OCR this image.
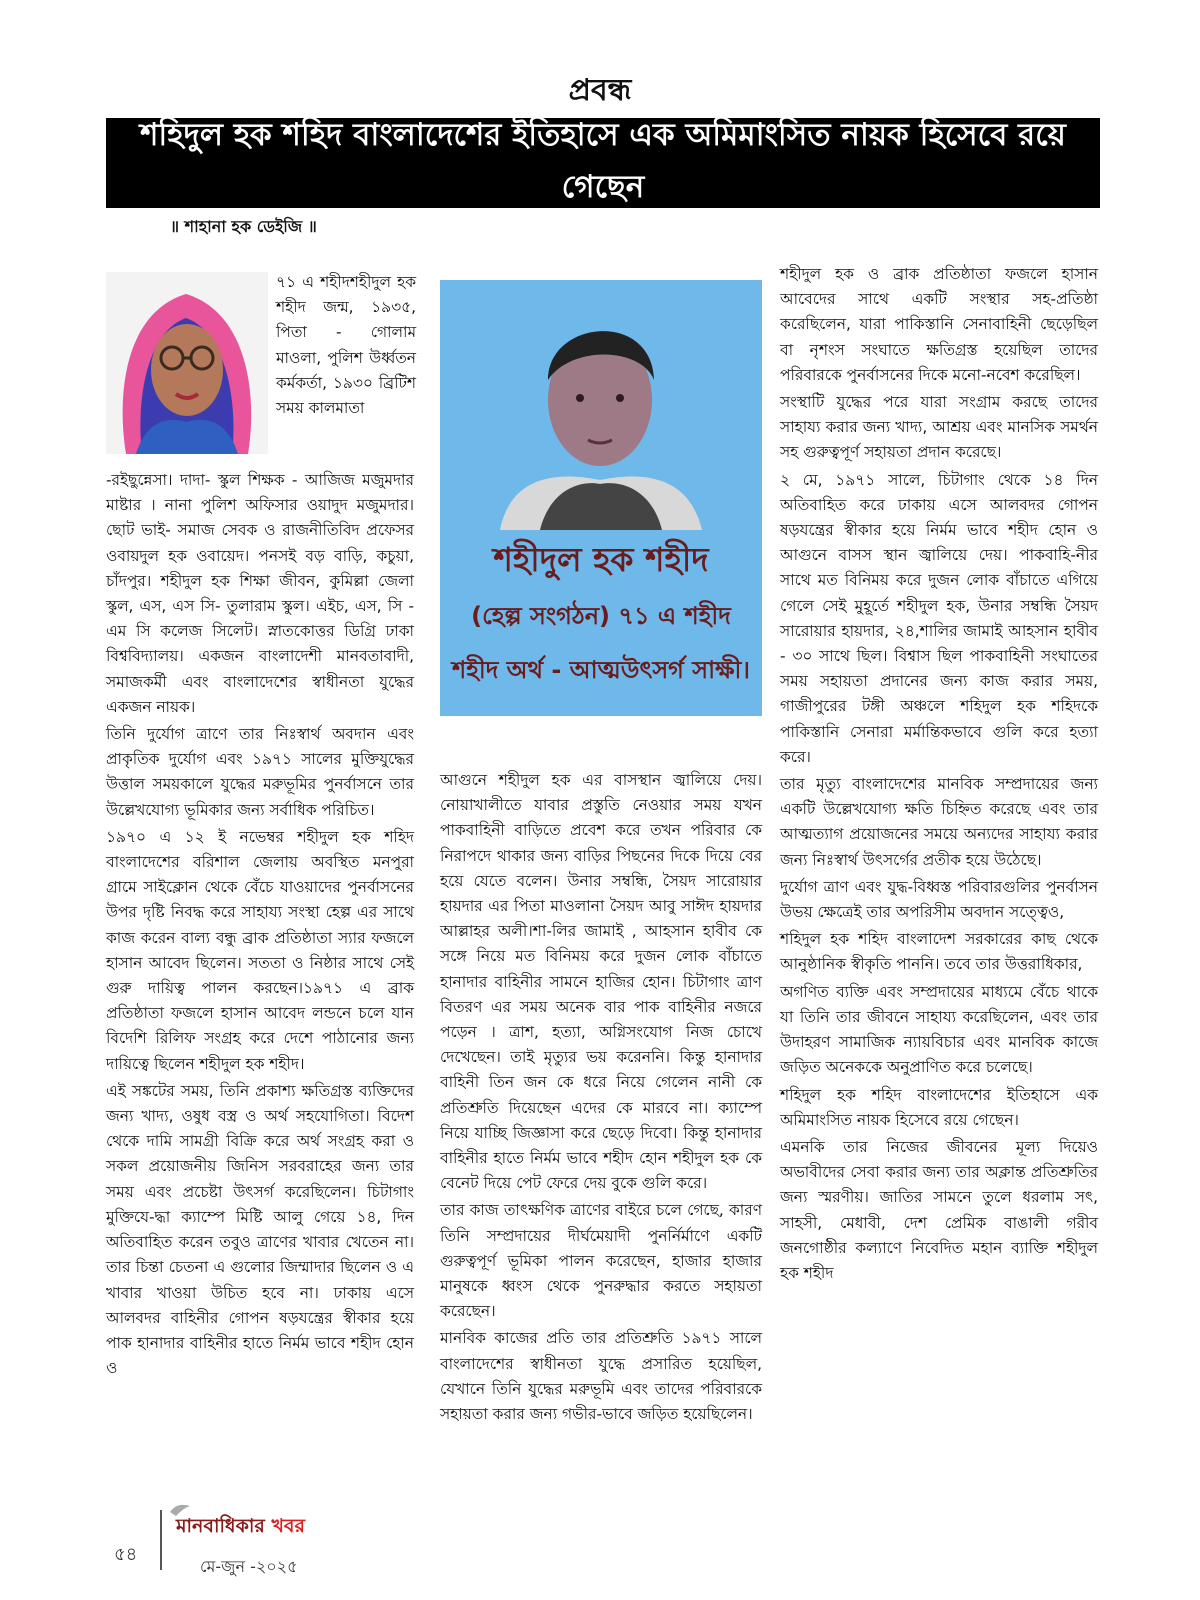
প্রবন্ধ
শহিদুল হক শহিদ বাংলাদেশের ইতিহাসে এক অমিমাংসিত নায়ক হিসেবে রয়ে গেছেন
॥ শাহানা হক ডেইজি ॥
৭১ এ শহীদশহীদুল হক শহীদ জন্ম, ১৯৩৫, পিতা - গোলাম মাওলা, পুলিশ উর্ধ্বতন কর্মকর্তা, ১৯৩০ ব্রিটিশ সময় কালমাতা

-রইছুন্নেসা। দাদা- স্কুল শিক্ষক - আজিজ মজুমদার মাষ্টার । নানা পুলিশ অফিসার ওয়াদুদ মজুমদার। ছোট ভাই- সমাজ সেবক ও রাজনীতিবিদ প্রফেসর ওবায়দুল হক ওবায়েদ। পনসই বড় বাড়ি, কচুয়া, চাঁদপুর। শহীদুল হক শিক্ষা জীবন, কুমিল্লা জেলা স্কুল, এস, এস সি- তুলারাম স্কুল। এইচ, এস, সি - এম সি কলেজ সিলেট। স্নাতকোত্তর ডিগ্রি ঢাকা বিশ্ববিদ্যালয়। একজন বাংলাদেশী মানবতাবাদী, সমাজকর্মী এবং বাংলাদেশের স্বাধীনতা যুদ্ধের একজন নায়ক।

তিনি দুর্যোগ ত্রাণে তার নিঃস্বার্থ অবদান এবং প্রাকৃতিক দুর্যোগ এবং ১৯৭১ সালের মুক্তিযুদ্ধের উত্তাল সময়কালে যুদ্ধের মরুভূমির পুনর্বাসনে তার উল্লেখযোগ্য ভূমিকার জন্য সর্বাধিক পরিচিত।

১৯৭০ এ ১২ ই নভেম্বর শহীদুল হক শহিদ বাংলাদেশের বরিশাল জেলায় অবস্থিত মনপুরা গ্রামে সাইক্লোন থেকে বেঁচে যাওয়াদের পুনর্বাসনের উপর দৃষ্টি নিবদ্ধ করে সাহায্য সংস্থা হেল্প এর সাথে কাজ করেন বাল্য বন্ধু ব্রাক প্রতিষ্ঠাতা স্যার ফজলে হাসান আবেদ ছিলেন। সততা ও নিষ্ঠার সাথে সেই গুরু দায়িত্ব পালন করছেন।১৯৭১ এ ব্রাক প্রতিষ্ঠাতা ফজলে হাসান আবেদ লন্ডনে চলে যান বিদেশি রিলিফ সংগ্রহ করে দেশে পাঠানোর জন্য দায়িত্বে ছিলেন শহীদুল হক শহীদ।

এই সঙ্কটের সময়, তিনি প্রকাশ্য ক্ষতিগ্রস্ত ব্যক্তিদের জন্য খাদ্য, ওষুধ বস্ত্র ও অর্থ সহযোগিতা। বিদেশ থেকে দামি সামগ্রী বিক্রি করে অর্থ সংগ্রহ করা ও সকল প্রয়োজনীয় জিনিস সরবরাহের জন্য তার সময় এবং প্রচেষ্টা উৎসর্গ করেছিলেন। চিটাগাং মুক্তিযে-দ্ধা ক্যাম্পে মিষ্টি আলু গেয়ে ১৪, দিন অতিবাহিত করেন তবুও ত্রাণের খাবার খেতেন না। তার চিন্তা চেতনা এ গুলোর জিম্মাদার ছিলেন ও এ খাবার খাওয়া উচিত হবে না। ঢাকায় এসে আলবদর বাহিনীর গোপন ষড়যন্ত্রের স্বীকার হয়ে পাক হানাদার বাহিনীর হাতে নির্মম ভাবে শহীদ হোন ও

শহীদুল হক শহীদ
(হেল্প সংগঠন) ৭১ এ শহীদ
শহীদ অর্থ - আত্মউৎসর্গ সাক্ষী।

আগুনে শহীদুল হক এর বাসস্থান জ্বালিয়ে দেয়। নোয়াখালীতে যাবার প্রস্তুতি নেওয়ার সময় যখন পাকবাহিনী বাড়িতে প্রবেশ করে তখন পরিবার কে নিরাপদে থাকার জন্য বাড়ির পিছনের দিকে দিয়ে বের হয়ে যেতে বলেন। উনার সম্বন্ধি, সৈয়দ সারোয়ার হায়দার এর পিতা মাওলানা সৈয়দ আবু সাঈদ হায়দার আল্লাহর অলী।শা-লির জামাই , আহসান হাবীব কে সঙ্গে নিয়ে মত বিনিময় করে দুজন লোক বাঁচাতে হানাদার বাহিনীর সামনে হাজির হোন। চিটাগাং ত্রাণ বিতরণ এর সময় অনেক বার পাক বাহিনীর নজরে পড়েন । ত্রাশ, হত্যা, অগ্নিসংযোগ নিজ চোখে দেখেছেন। তাই মৃত্যুর ভয় করেননি। কিন্তু হানাদার বাহিনী তিন জন কে ধরে নিয়ে গেলেন নানী কে প্রতিশ্রুতি দিয়েছেন এদের কে মারবে না। ক্যাম্পে নিয়ে যাচ্ছি জিজ্ঞাসা করে ছেড়ে দিবো। কিন্তু হানাদার বাহিনীর হাতে নির্মম ভাবে শহীদ হোন শহীদুল হক কে বেনেট দিয়ে পেট ফেরে দেয় বুকে গুলি করে।

তার কাজ তাৎক্ষণিক ত্রাণের বাইরে চলে গেছে, কারণ তিনি সম্প্রদায়ের দীর্ঘমেয়াদী পুনর্নির্মাণে একটি গুরুত্বপূর্ণ ভূমিকা পালন করেছেন, হাজার হাজার মানুষকে ধ্বংস থেকে পুনরুদ্ধার করতে সহায়তা করেছেন।

মানবিক কাজের প্রতি তার প্রতিশ্রুতি ১৯৭১ সালে বাংলাদেশের স্বাধীনতা যুদ্ধে প্রসারিত হয়েছিল, যেখানে তিনি যুদ্ধের মরুভূমি এবং তাদের পরিবারকে সহায়তা করার জন্য গভীর-ভাবে জড়িত হয়েছিলেন।

শহীদুল হক ও ব্রাক প্রতিষ্ঠাতা ফজলে হাসান আবেদের সাথে একটি সংস্থার সহ-প্রতিষ্ঠা করেছিলেন, যারা পাকিস্তানি সেনাবাহিনী ছেড়েছিল বা নৃশংস সংঘাতে ক্ষতিগ্রস্ত হয়েছিল তাদের পরিবারকে পুনর্বাসনের দিকে মনো-নবেশ করেছিল।

সংস্থাটি যুদ্ধের পরে যারা সংগ্রাম করছে তাদের সাহায্য করার জন্য খাদ্য, আশ্রয় এবং মানসিক সমর্থন সহ গুরুত্বপূর্ণ সহায়তা প্রদান করেছে।

২ মে, ১৯৭১ সালে, চিটাগাং থেকে ১৪ দিন অতিবাহিত করে ঢাকায় এসে আলবদর গোপন ষড়যন্ত্রের স্বীকার হয়ে নির্মম ভাবে শহীদ হোন ও আগুনে বাসস স্থান জ্বালিয়ে দেয়। পাকবাহি-নীর সাথে মত বিনিময় করে দুজন লোক বাঁচাতে এগিয়ে গেলে সেই মুহূর্তে শহীদুল হক, উনার সম্বন্ধি সৈয়দ সারোয়ার হায়দার, ২৪,শালির জামাই আহসান হাবীব - ৩০ সাথে ছিল। বিশ্বাস ছিল পাকবাহিনী সংঘাতের সময় সহায়তা প্রদানের জন্য কাজ করার সময়, গাজীপুরের টঙ্গী অঞ্চলে শহিদুল হক শহিদকে পাকিস্তানি সেনারা মর্মান্তিকভাবে গুলি করে হত্যা করে।

তার মৃত্যু বাংলাদেশের মানবিক সম্প্রদায়ের জন্য একটি উল্লেখযোগ্য ক্ষতি চিহ্নিত করেছে এবং তার আত্মত্যাগ প্রয়োজনের সময়ে অন্যদের সাহায্য করার জন্য নিঃস্বার্থ উৎসর্গের প্রতীক হয়ে উঠেছে।

দুর্যোগ ত্রাণ এবং যুদ্ধ-বিধ্বস্ত পরিবারগুলির পুনর্বাসন উভয় ক্ষেত্রেই তার অপরিসীম অবদান সত্ত্বেও,

শহিদুল হক শহিদ বাংলাদেশ সরকারের কাছ থেকে আনুষ্ঠানিক স্বীকৃতি পাননি। তবে তার উত্তরাধিকার,

অগণিত ব্যক্তি এবং সম্প্রদায়ের মাধ্যমে বেঁচে থাকে যা তিনি তার জীবনে সাহায্য করেছিলেন, এবং তার উদাহরণ সামাজিক ন্যায়বিচার এবং মানবিক কাজে জড়িত অনেককে অনুপ্রাণিত করে চলেছে।

শহিদুল হক শহিদ বাংলাদেশের ইতিহাসে এক অমিমাংসিত নায়ক হিসেবে রয়ে গেছেন।

এমনকি তার নিজের জীবনের মূল্য দিয়েও অভাবীদের সেবা করার জন্য তার অক্লান্ত প্রতিশ্রুতির জন্য স্মরণীয়। জাতির সামনে তুলে ধরলাম সৎ, সাহসী, মেধাবী, দেশ প্রেমিক বাঙালী গরীব জনগোষ্ঠীর কল্যাণে নিবেদিত মহান ব্যাক্তি শহীদুল হক শহীদ

৫৪
মানবাধিকার খবর
মে-জুন -২০২৫
